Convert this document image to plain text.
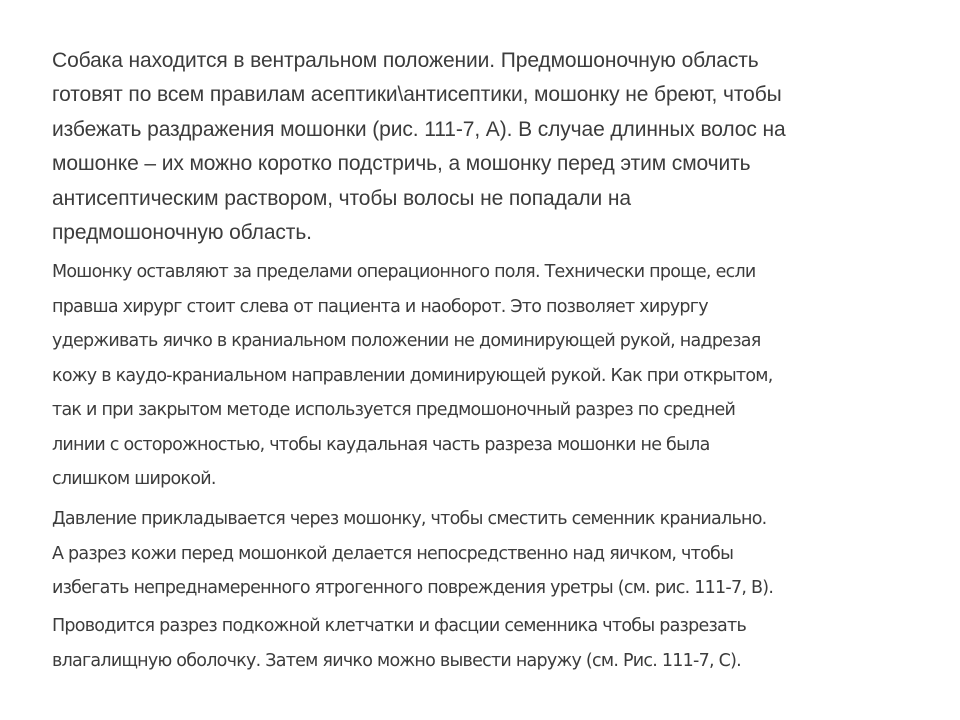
Собака находится в вентральном положении. Предмошоночную область
готовят по всем правилам асептики\антисептики, мошонку не бреют, чтобы
избежать раздражения мошонки (рис. 111-7, А). В случае длинных волос на
мошонке – их можно коротко подстричь, а мошонку перед этим смочить
антисептическим раствором, чтобы волосы не попадали на
предмошоночную область.

Мошонку оставляют за пределами операционного поля. Технически проще, если
правша хирург стоит слева от пациента и наоборот. Это позволяет хирургу
удерживать яичко в краниальном положении не доминирующей рукой, надрезая
кожу в каудо-краниальном направлении доминирующей рукой. Как при открытом,
так и при закрытом методе используется предмошоночный разрез по средней
линии с осторожностью, чтобы каудальная часть разреза мошонки не была
слишком широкой.

Давление прикладывается через мошонку, чтобы сместить семенник краниально.
А разрез кожи перед мошонкой делается непосредственно над яичком, чтобы
избегать непреднамеренного ятрогенного повреждения уретры (см. рис. 111-7, В).

Проводится разрез подкожной клетчатки и фасции семенника чтобы разрезать
влагалищную оболочку. Затем яичко можно вывести наружу (см. Рис. 111-7, С).
